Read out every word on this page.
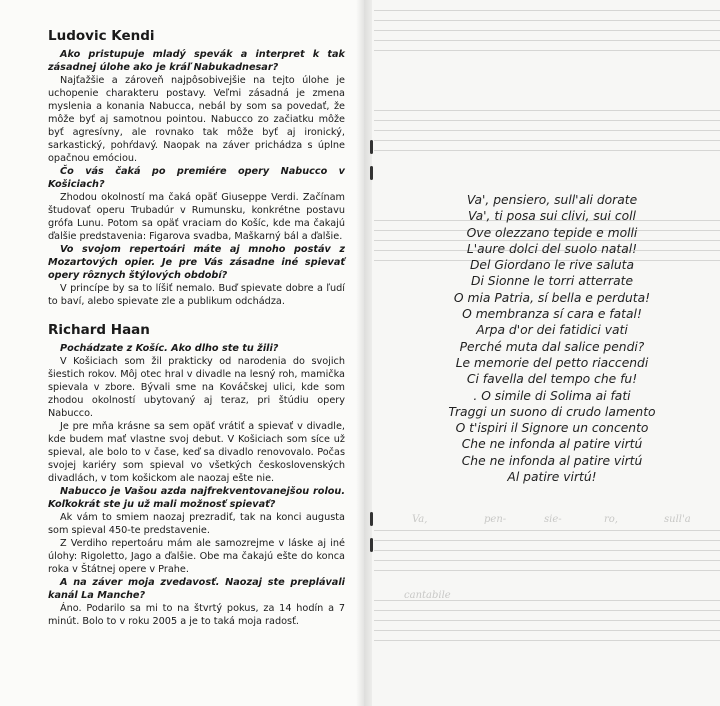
Va,	pen-	sie-	ro,	sull'a
cantabile
Ludovic Kendi

Ako pristupuje mladý spevák a interpret k tak zásadnej úlohe ako je kráľ Nabukadnesar?

Najťažšie a zároveň najpôsobivejšie na tejto úlohe je uchopenie charakteru postavy. Veľmi zásadná je zmena myslenia a konania Nabucca, nebál by som sa povedať, že môže byť aj samotnou pointou. Nabucco zo začiatku môže byť agresívny, ale rovnako tak môže byť aj ironický, sarkastický, pohŕdavý. Naopak na záver prichádza s úplne opačnou emóciou.

Čo vás čaká po premiére opery Nabucco v Košiciach?

Zhodou okolností ma čaká opäť Giuseppe Verdi. Začínam študovať operu Trubadúr v Rumunsku, konkrétne postavu grófa Lunu. Potom sa opäť vraciam do Košíc, kde ma čakajú ďalšie predstavenia: Figarova svadba, Maškarný bál a ďalšie.

Vo svojom repertoári máte aj mnoho postáv z Mozartových opier. Je pre Vás zásadne iné spievať opery rôznych štýlových období?

V princípe by sa to líšiť nemalo. Buď spievate dobre a ľudí to baví, alebo spievate zle a publikum odchádza.

Richard Haan

Pochádzate z Košíc. Ako dlho ste tu žili?

V Košiciach som žil prakticky od narodenia do svojich šiestich rokov. Môj otec hral v divadle na lesný roh, mamička spievala v zbore. Bývali sme na Kováčskej ulici, kde som zhodou okolností ubytovaný aj teraz, pri štúdiu opery Nabucco.

Je pre mňa krásne sa sem opäť vrátiť a spievať v divadle, kde budem mať vlastne svoj debut. V Košiciach som síce už spieval, ale bolo to v čase, keď sa divadlo renovovalo. Počas svojej kariéry som spieval vo všetkých československých divadlách, v tom košickom ale naozaj ešte nie.

Nabucco je Vašou azda najfrekventovanejšou rolou. Koľkokrát ste ju už mali možnosť spievať?

Ak vám to smiem naozaj prezradiť, tak na konci augusta som spieval 450-te predstavenie.

Z Verdiho repertoáru mám ale samozrejme v láske aj iné úlohy: Rigoletto, Jago a ďalšie. Obe ma čakajú ešte do konca roka v Štátnej opere v Prahe.

A na záver moja zvedavosť. Naozaj ste preplávali kanál La Manche?

Áno. Podarilo sa mi to na štvrtý pokus, za 14 hodín a 7 minút. Bolo to v roku 2005 a je to taká moja radosť.

Va', pensiero, sull'ali dorate
Va', ti posa sui clivi, sui coll
Ove olezzano tepide e molli
L'aure dolci del suolo natal!
Del Giordano le rive saluta
Di Sionne le torri atterrate
O mia Patria, sí bella e perduta!
O membranza sí cara e fatal!
Arpa d'or dei fatidici vati
Perché muta dal salice pendi?
Le memorie del petto riaccendi
Ci favella del tempo che fu!
. O simile di Solima ai fati
Traggi un suono di crudo lamento
O t'ispiri il Signore un concento
Che ne infonda al patire virtú
Che ne infonda al patire virtú
Al patire virtú!
